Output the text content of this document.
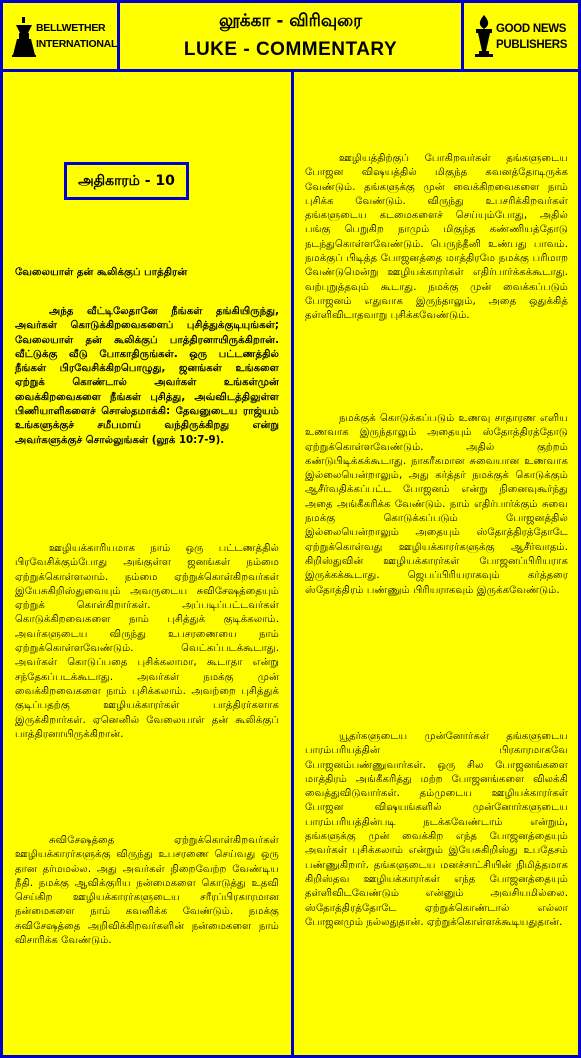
BELLWETHER
INTERNATIONAL
லூக்கா - விரிவுரை
LUKE - COMMENTARY
GOOD NEWS
PUBLISHERS
அதிகாரம் - 10
வேலையாள் தன் கூலிக்குப் பாத்திரன்

அந்த வீட்டிலேதானே நீங்கள் தங்கியிருந்து, அவர்கள் கொடுக்கிறவைகளைப் புசித்துக்குடியுங்கள்; வேலையாள் தன் கூலிக்குப் பாத்திரனாயிருக்கிறான். வீட்டுக்கு வீடு போகாதிருங்கள். ஒரு பட்டணத்தில் நீங்கள் பிரவேசிக்கிறபொழுது, ஜனங்கள் உங்களை ஏற்றுக் கொண்டால் அவர்கள் உங்கள்முன் வைக்கிறவைகளை நீங்கள் புசித்து, அவ்விடத்திலுள்ள பிணியாளிகளைச் சொஸ்தமாக்கி: தேவனுடைய ராஜ்யம் உங்களுக்குச் சமீபமாய் வந்திருக்கிறது என்று அவர்களுக்குச் சொல்லுங்கள் (லூக் 10:7-9).

ஊழியக்காரியமாக நாம் ஒரு பட்டணத்தில் பிரவேசிக்கும்போது அங்குள்ள ஜனங்கள் நம்மை ஏற்றுக்கொள்ளலாம். நம்மை ஏற்றுக்கொள்கிறவர்கள் இயேசுகிறிஸ்துவையும் அவருடைய சுவிசேஷத்தையும் ஏற்றுக் கொள்கிறார்கள். அப்படிப்பட்டவர்கள் கொடுக்கிறவைகளை நாம் புசித்துக் குடிக்கலாம். அவர்களுடைய விருந்து உபசரணையை நாம் ஏற்றுக்கொள்ளவேண்டும். வெட்கப்படக்கூடாது. அவர்கள் கொடுப்பதை புசிக்கலாமா, கூடாதா என்று சந்தேகப்படக்கூடாது. அவர்கள் நமக்கு முன் வைக்கிறவைகளை நாம் புசிக்கலாம். அவற்றை புசித்துக் குடிப்பதற்கு ஊழியக்காரர்கள் பாத்திரர்களாக இருக்கிறார்கள். ஏனெனில் வேலையாள் தன் கூலிக்குப் பாத்திரனாயிருக்கிறான்.

சுவிசேஷத்தை ஏற்றுக்கொள்கிறவர்கள் ஊழியக்காரர்களுக்கு விருந்து உபசரணை செய்வது ஒரு தான தர்மமல்ல. அது அவர்கள் நிறைவேற்ற வேண்டிய நீதி. நமக்கு ஆவிக்குரிய நன்மைகளை கொடுத்து உதவி செய்கிற ஊழியக்காரர்களுடைய சரீரப்பிரகாரமான நன்மைகளை நாம் கவனிக்க வேண்டும். நமக்கு சுவிசேஷத்தை அறிவிக்கிறவர்களின் நன்மைகளை நாம் விசாரிக்க வேண்டும்.

ஊழியத்திற்குப் போகிறவர்கள் தங்களுடைய போஜன விஷயத்தில் மிகுந்த கவனத்தோடிருக்க வேண்டும். தங்களுக்கு முன் வைக்கிறவைகளை நாம் புசிக்க வேண்டும். விருந்து உபசரிக்கிறவர்கள் தங்களுடைய கடமைகளைச் செய்யும்போது, அதில் பங்கு பெறுகிற நாமும் மிகுந்த கண்ணியத்தோடு நடந்துகொள்ளவேண்டும். பெருந்தீனி உண்பது பாவம். நமக்குப் பிடித்த போஜனத்தை மாத்திரமே நமக்கு பரிமாற வேண்டுமென்று ஊழியக்காரர்கள் எதிர்பார்க்கக்கூடாது. வற்புறுத்தவும் கூடாது. நமக்கு முன் வைக்கப்படும் போஜனம் எதுவாக இருந்தாலும், அதை ஒதுக்கித் தள்ளிவிடாதவாறு புசிக்கவேண்டும்.

நமக்குக் கொடுக்கப்படும் உணவு சாதாரண எளிய உணவாக இருந்தாலும் அதையும் ஸ்தோத்திரத்தோடு ஏற்றுக்கொள்ளவேண்டும். அதில் குற்றம் கண்டுபிடிக்கக்கூடாது. நாகரீகமான சுவையான உணவாக இல்லையென்றாலும், அது கர்த்தர் நமக்குக் கொடுக்கும் ஆசீர்வதிக்கப்பட்ட போஜனம் என்று நினைவுகூர்ந்து அதை அங்கீகரிக்க வேண்டும். நாம் எதிர்பார்க்கும் சுவை நமக்கு கொடுக்கப்படும் போஜனத்தில் இல்லையென்றாலும் அதையும் ஸ்தோத்திரத்தோடே ஏற்றுக்கொள்வது ஊழியக்காரர்களுக்கு ஆசீர்வாதம். கிறிஸ்துவின் ஊழியக்காரர்கள் போஜனப்பிரியராக இருக்கக்கூடாது. ஜெபப்பிரியராகவும் கர்த்தரை ஸ்தோத்திரம் பண்ணும் பிரியராகவும் இருக்கவேண்டும்.

யூதர்களுடைய முன்னோர்கள் தங்களுடைய பாரம்பரியத்தின் பிரகாரமாகவே போஜனம்பண்ணுவார்கள். ஒரு சில போஜனங்களை மாத்திரம் அங்கீகரித்து மற்ற போஜனங்களை விலக்கி வைத்துவிடுவார்கள். தம்முடைய ஊழியக்காரர்கள் போஜன விஷயங்களில் முன்னோர்களுடைய பாரம்பரியத்தின்படி நடக்கவேண்டாம் என்றும், தங்களுக்கு முன் வைக்கிற எந்த போஜனத்தையும் அவர்கள் புசிக்கலாம் என்றும் இயேசுகிறிஸ்து உபதேசம் பண்ணுகிறார். தங்களுடைய மனச்சாட்சியின் நிமித்தமாக கிறிஸ்தவ ஊழியக்காரர்கள் எந்த போஜனத்தையும் தள்ளிவிடவேண்டும் என்னும் அவசியமில்லை. ஸ்தோத்திரத்தோடே ஏற்றுக்கொண்டால் எல்லா போஜனமும் நல்லதுதான். ஏற்றுக்கொள்ளக்கூடியதுதான்.
